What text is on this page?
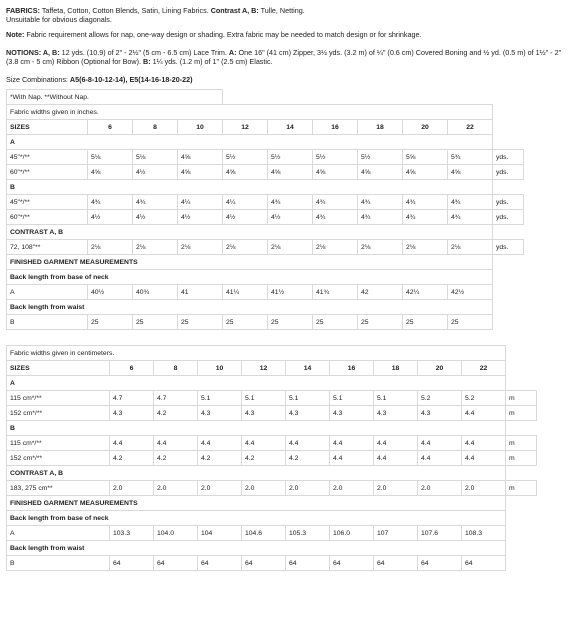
FABRICS: Taffeta, Cotton, Cotton Blends, Satin, Lining Fabrics. Contrast A, B: Tulle, Netting.
Unsuitable for obvious diagonals.

Note: Fabric requirement allows for nap, one-way design or shading. Extra fabric may be needed to match design or for shrinkage.

NOTIONS: A, B: 12 yds. (10.9) of 2" - 2½" (5 cm - 6.5 cm) Lace Trim. A: One 16" (41 cm) Zipper, 3½ yds. (3.2 m) of ¼" (0.6 cm) Covered Boning and ½ yd. (0.5 m) of 1½" - 2"
(3.8 cm - 5 cm) Ribbon (Optional for Bow). B: 1¼ yds. (1.2 m) of 1" (2.5 cm) Elastic.

Size Combinations: A5(6-8-10-12-14), E5(14-16-18-20-22)

*With Nap. **Without Nap.										
Fabric widths given in inches.										
SIZES	6	8	10	12	14	16	18	20	22	
A										
45"*/**	5⅛	5⅛	4⅝	5½	5½	5½	5½	5⅝	5¾	yds.
60"*/**	4⅝	4½	4⅝	4⅝	4⅝	4⅝	4⅝	4⅝	4⅝	yds.
B										
45"*/**	4¾	4¾	4¼	4¼	4¾	4¾	4¾	4¾	4¾	yds.
60"*/**	4½	4½	4½	4½	4½	4¾	4¾	4¾	4¾	yds.
CONTRAST A, B										
72, 108"**	2⅛	2⅛	2⅛	2⅛	2⅛	2⅛	2⅛	2⅛	2⅛	yds.
FINISHED GARMENT MEASUREMENTS										
Back length from base of neck										
A	40½	40¾	41	41¼	41½	41¾	42	42¼	42½	
Back length from waist										
B	25	25	25	25	25	25	25	25	25	
Fabric widths given in centimeters.										
SIZES	6	8	10	12	14	16	18	20	22	
A										
115 cm*/**	4.7	4.7	5.1	5.1	5.1	5.1	5.1	5.2	5.2	m
152 cm*/**	4.3	4.2	4.3	4.3	4.3	4.3	4.3	4.3	4.4	m
B										
115 cm*/**	4.4	4.4	4.4	4.4	4.4	4.4	4.4	4.4	4.4	m
152 cm*/**	4.2	4.2	4.2	4.2	4.2	4.4	4.4	4.4	4.4	m
CONTRAST A, B										
183, 275 cm**	2.0	2.0	2.0	2.0	2.0	2.0	2.0	2.0	2.0	m
FINISHED GARMENT MEASUREMENTS										
Back length from base of neck										
A	103.3	104.0	104	104.6	105.3	106.0	107	107.6	108.3	
Back length from waist										
B	64	64	64	64	64	64	64	64	64	
